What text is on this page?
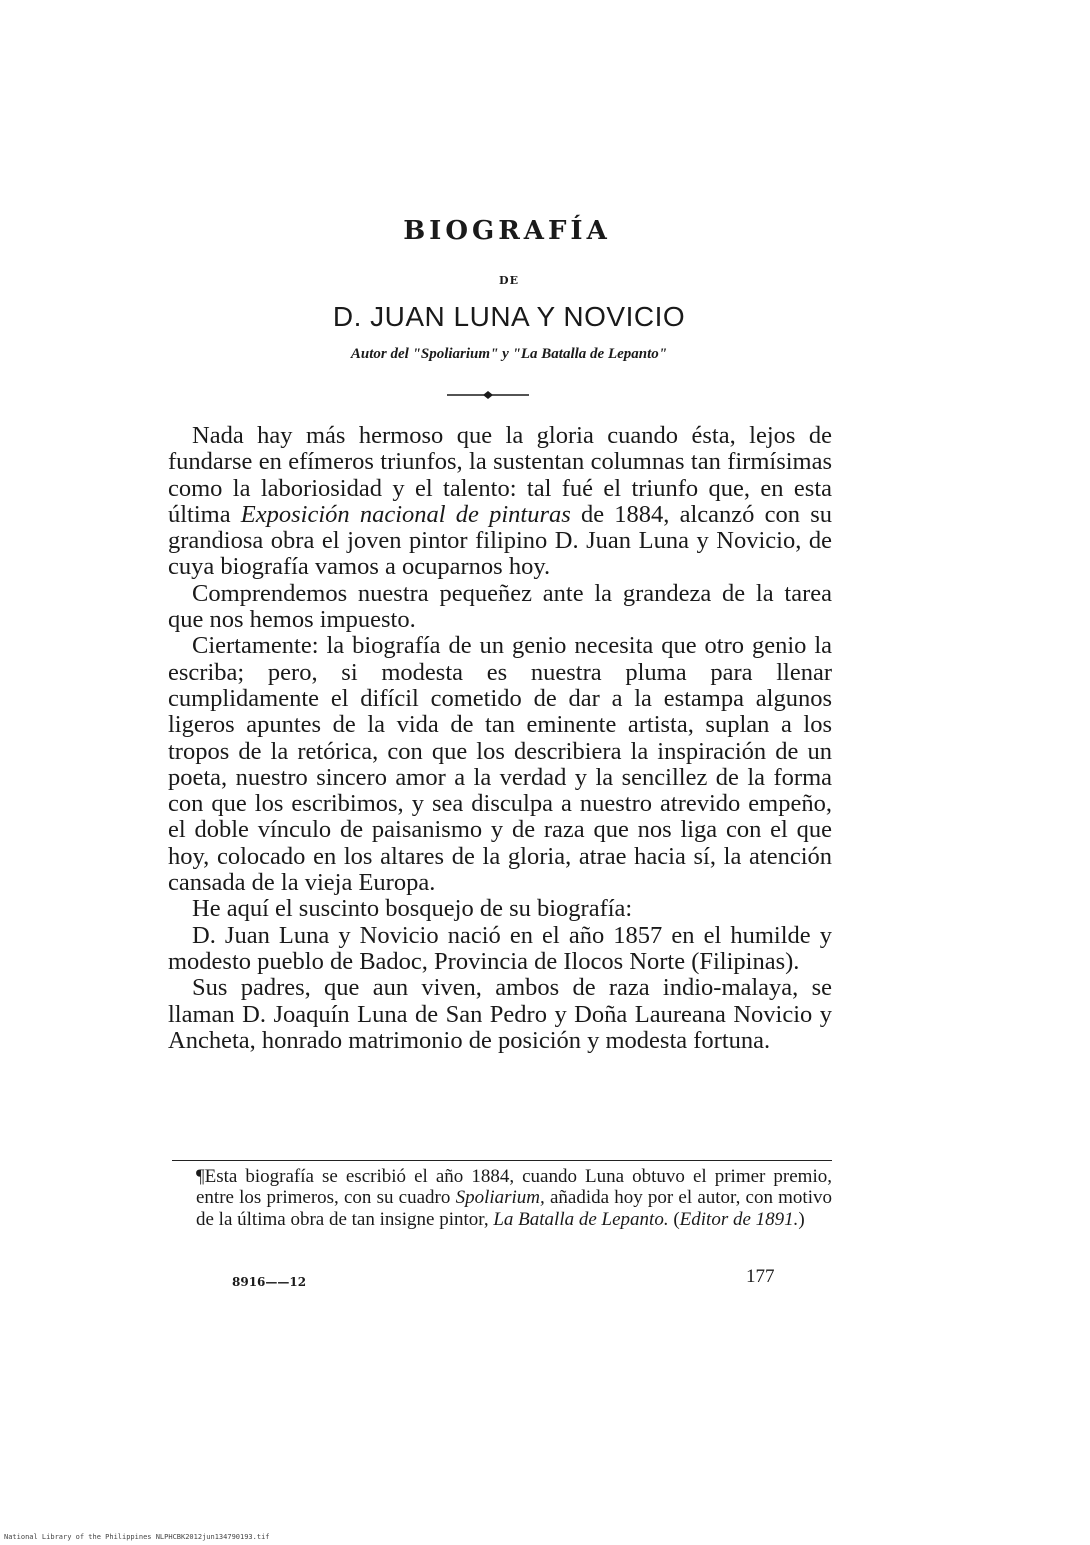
BIOGRAFÍA
DE
D. JUAN LUNA Y NOVICIO
Autor del "Spoliarium" y "La Batalla de Lepanto"

Nada hay más hermoso que la gloria cuando ésta, lejos de fundarse en efímeros triunfos, la sustentan columnas tan firmísimas como la laboriosidad y el talento: tal fué el triunfo que, en esta última Exposición nacional de pinturas de 1884, alcanzó con su grandiosa obra el joven pintor filipino D. Juan Luna y Novicio, de cuya biografía vamos a ocuparnos hoy.

Comprendemos nuestra pequeñez ante la grandeza de la tarea que nos hemos impuesto.

Ciertamente: la biografía de un genio necesita que otro genio la escriba; pero, si modesta es nuestra pluma para llenar cumplidamente el difícil cometido de dar a la estampa algunos ligeros apuntes de la vida de tan eminente artista, suplan a los tropos de la retórica, con que los describiera la inspiración de un poeta, nuestro sincero amor a la verdad y la sencillez de la forma con que los escribimos, y sea disculpa a nuestro atrevido empeño, el doble vínculo de paisanismo y de raza que nos liga con el que hoy, colocado en los altares de la gloria, atrae hacia sí, la atención cansada de la vieja Europa.

He aquí el suscinto bosquejo de su biografía:

D. Juan Luna y Novicio nació en el año 1857 en el humilde y modesto pueblo de Badoc, Provincia de Ilocos Norte (Filipinas).

Sus padres, que aun viven, ambos de raza indio-malaya, se llaman D. Joaquín Luna de San Pedro y Doña Laureana Novicio y Ancheta, honrado matrimonio de posición y modesta fortuna.

¶Esta biografía se escribió el año 1884, cuando Luna obtuvo el primer premio, entre los primeros, con su cuadro Spoliarium, añadida hoy por el autor, con motivo de la última obra de tan insigne pintor, La Batalla de Lepanto. (Editor de 1891.)

8916——12	177
National Library of the Philippines NLPHCBK2012jun134790193.tif
